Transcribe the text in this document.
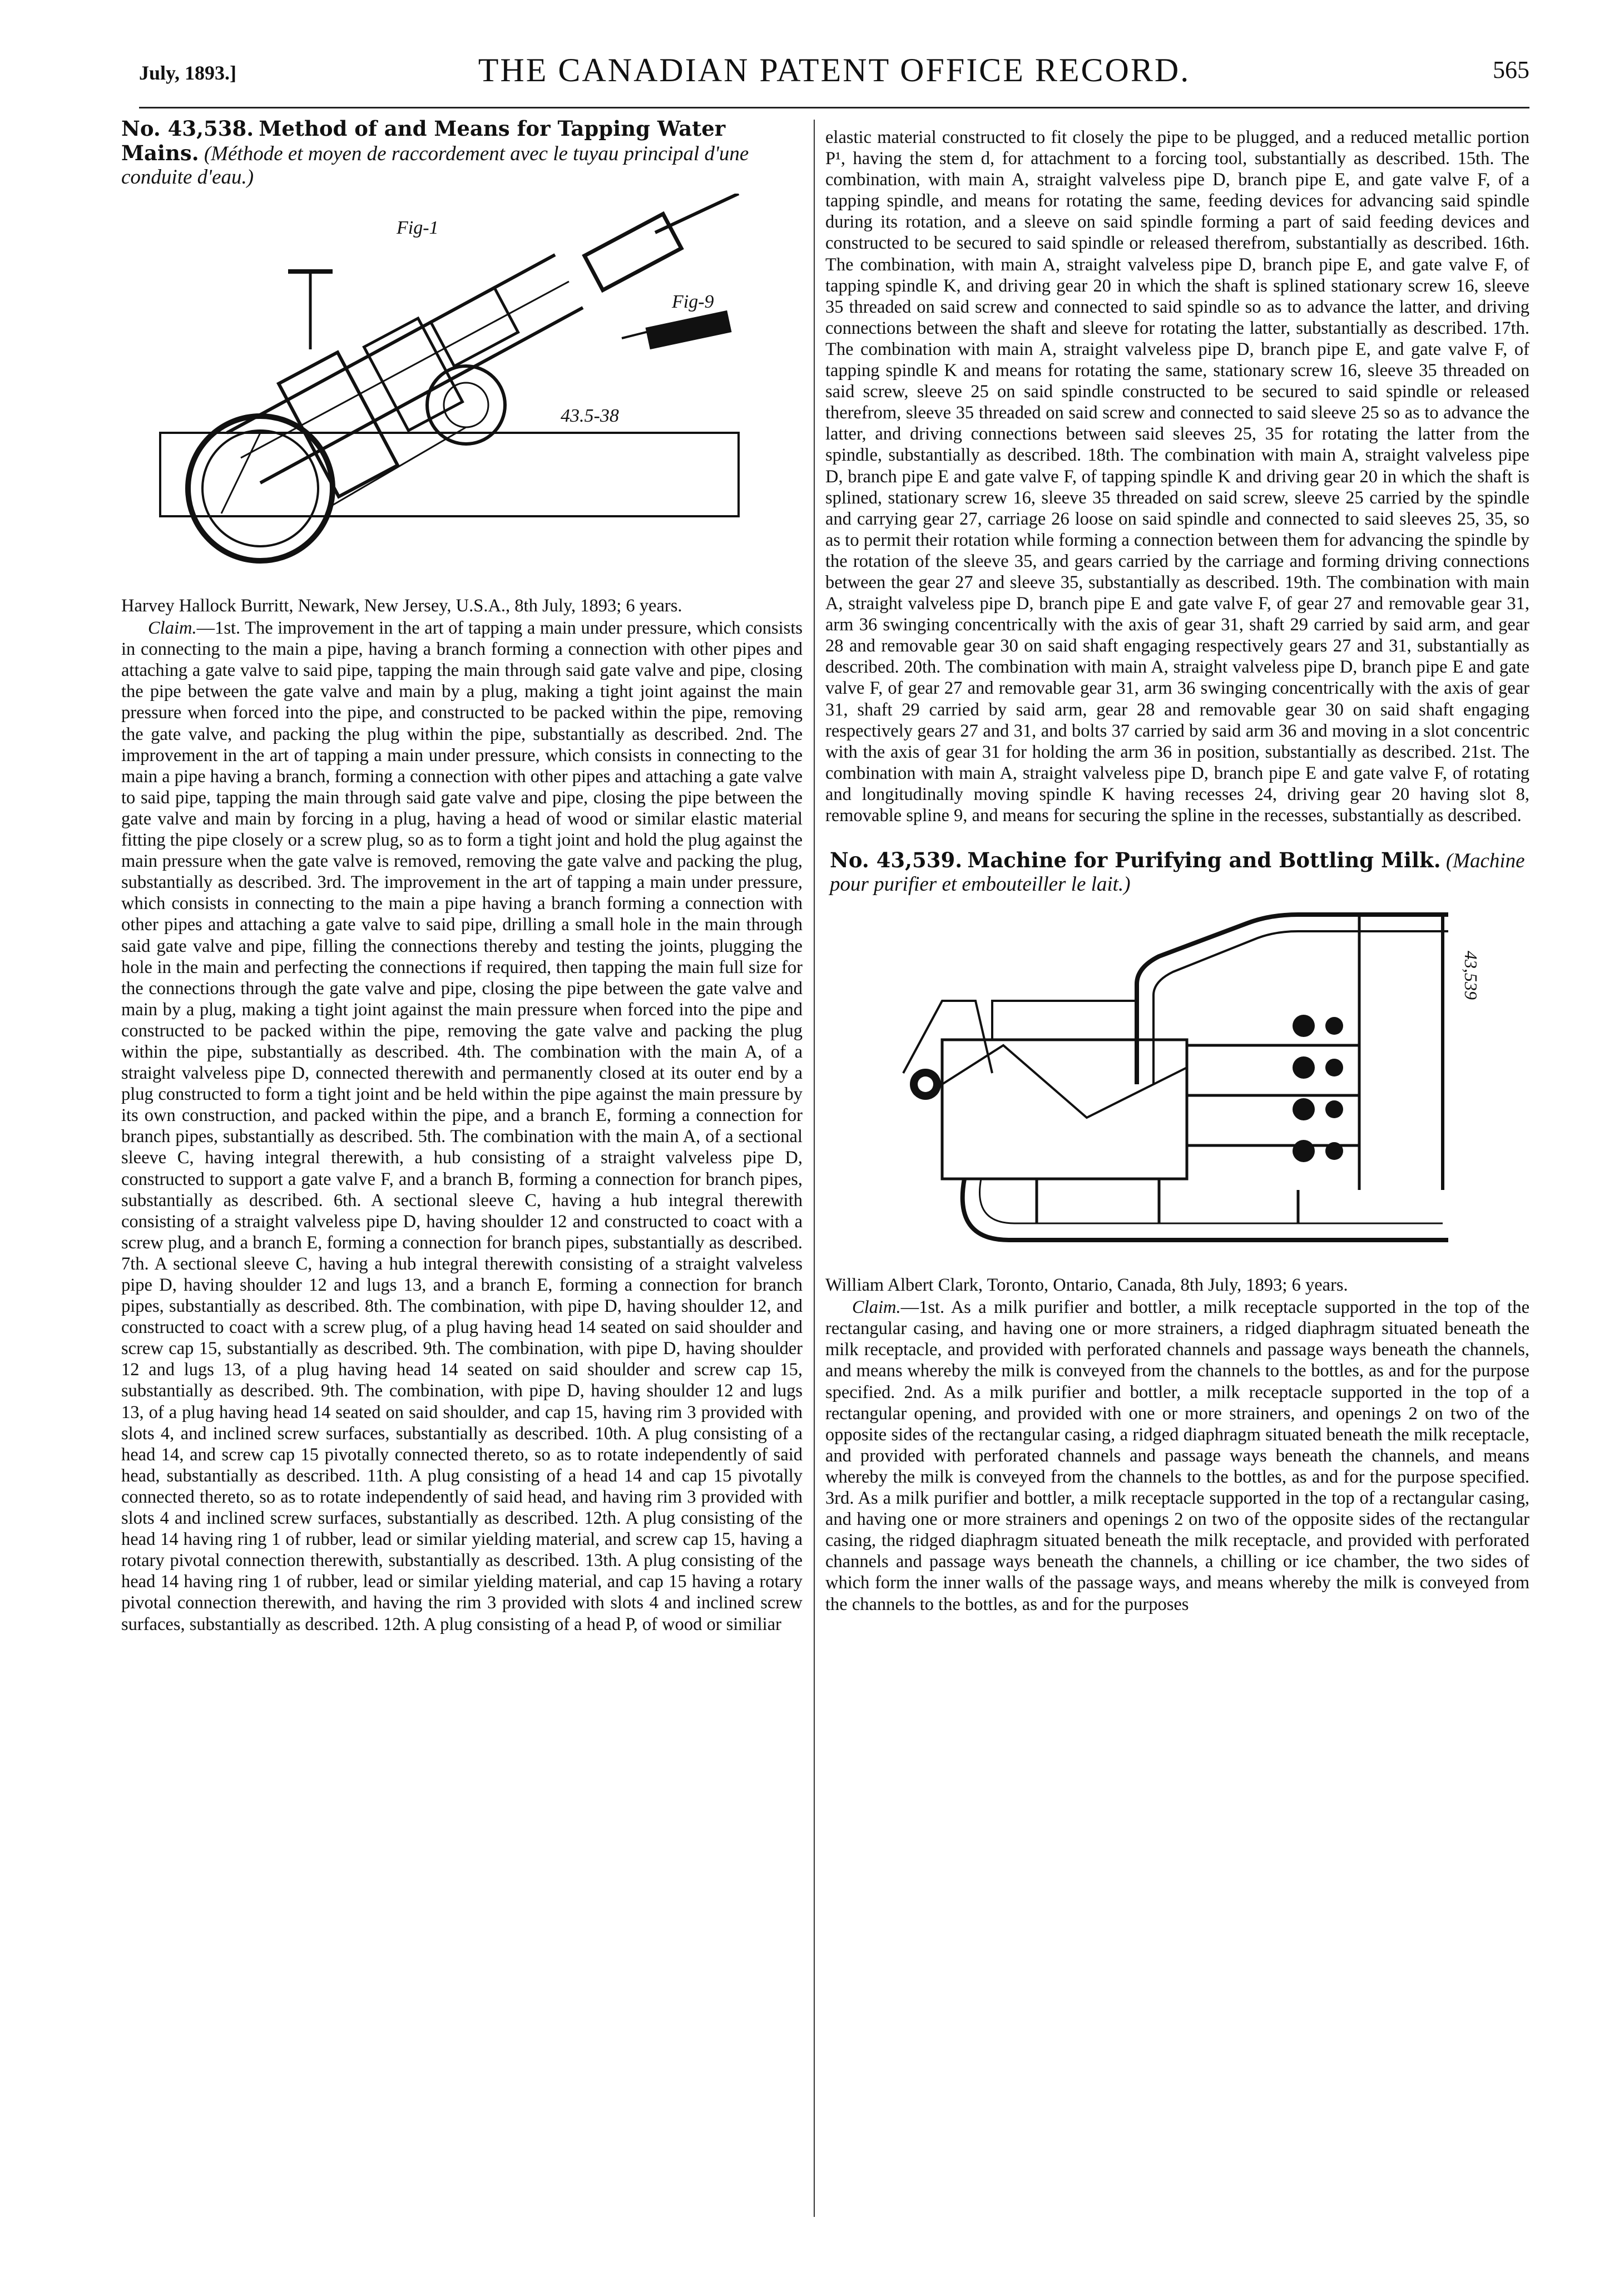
July, 1893.]	THE CANADIAN PATENT OFFICE RECORD.	565
No. 43,538. Method of and Means for Tapping Water Mains. (Méthode et moyen de raccordement avec le tuyau principal d'une conduite d'eau.)
Fig-1
Fig-9
43.5-38

Harvey Hallock Burritt, Newark, New Jersey, U.S.A., 8th July, 1893; 6 years.

Claim.—1st. The improvement in the art of tapping a main under pressure, which consists in connecting to the main a pipe, having a branch forming a connection with other pipes and attaching a gate valve to said pipe, tapping the main through said gate valve and pipe, closing the pipe between the gate valve and main by a plug, making a tight joint against the main pressure when forced into the pipe, and constructed to be packed within the pipe, removing the gate valve, and packing the plug within the pipe, substantially as described. 2nd. The improvement in the art of tapping a main under pressure, which consists in connecting to the main a pipe having a branch, forming a connection with other pipes and attaching a gate valve to said pipe, tapping the main through said gate valve and pipe, closing the pipe between the gate valve and main by forcing in a plug, having a head of wood or similar elastic material fitting the pipe closely or a screw plug, so as to form a tight joint and hold the plug against the main pressure when the gate valve is removed, removing the gate valve and packing the plug, substantially as described. 3rd. The improvement in the art of tapping a main under pressure, which consists in connecting to the main a pipe having a branch forming a connection with other pipes and attaching a gate valve to said pipe, drilling a small hole in the main through said gate valve and pipe, filling the connections thereby and testing the joints, plugging the hole in the main and perfecting the connections if required, then tapping the main full size for the connections through the gate valve and pipe, closing the pipe between the gate valve and main by a plug, making a tight joint against the main pressure when forced into the pipe and constructed to be packed within the pipe, removing the gate valve and packing the plug within the pipe, substantially as described. 4th. The combination with the main A, of a straight valveless pipe D, connected therewith and permanently closed at its outer end by a plug constructed to form a tight joint and be held within the pipe against the main pressure by its own construction, and packed within the pipe, and a branch E, forming a connection for branch pipes, substantially as described. 5th. The combination with the main A, of a sectional sleeve C, having integral therewith, a hub consisting of a straight valveless pipe D, constructed to support a gate valve F, and a branch B, forming a connection for branch pipes, substantially as described. 6th. A sectional sleeve C, having a hub integral therewith consisting of a straight valveless pipe D, having shoulder 12 and constructed to coact with a screw plug, and a branch E, forming a connection for branch pipes, substantially as described. 7th. A sectional sleeve C, having a hub integral therewith consisting of a straight valveless pipe D, having shoulder 12 and lugs 13, and a branch E, forming a connection for branch pipes, substantially as described. 8th. The combination, with pipe D, having shoulder 12, and constructed to coact with a screw plug, of a plug having head 14 seated on said shoulder and screw cap 15, substantially as described. 9th. The combination, with pipe D, having shoulder 12 and lugs 13, of a plug having head 14 seated on said shoulder and screw cap 15, substantially as described. 9th. The combination, with pipe D, having shoulder 12 and lugs 13, of a plug having head 14 seated on said shoulder, and cap 15, having rim 3 provided with slots 4, and inclined screw surfaces, substantially as described. 10th. A plug consisting of a head 14, and screw cap 15 pivotally connected thereto, so as to rotate independently of said head, substantially as described. 11th. A plug consisting of a head 14 and cap 15 pivotally connected thereto, so as to rotate independently of said head, and having rim 3 provided with slots 4 and inclined screw surfaces, substantially as described. 12th. A plug consisting of the head 14 having ring 1 of rubber, lead or similar yielding material, and screw cap 15, having a rotary pivotal connection therewith, substantially as described. 13th. A plug consisting of the head 14 having ring 1 of rubber, lead or similar yielding material, and cap 15 having a rotary pivotal connection therewith, and having the rim 3 provided with slots 4 and inclined screw surfaces, substantially as described. 12th. A plug consisting of a head P, of wood or similiar

elastic material constructed to fit closely the pipe to be plugged, and a reduced metallic portion P¹, having the stem d, for attachment to a forcing tool, substantially as described. 15th. The combination, with main A, straight valveless pipe D, branch pipe E, and gate valve F, of a tapping spindle, and means for rotating the same, feeding devices for advancing said spindle during its rotation, and a sleeve on said spindle forming a part of said feeding devices and constructed to be secured to said spindle or released therefrom, substantially as described. 16th. The combination, with main A, straight valveless pipe D, branch pipe E, and gate valve F, of tapping spindle K, and driving gear 20 in which the shaft is splined stationary screw 16, sleeve 35 threaded on said screw and connected to said spindle so as to advance the latter, and driving connections between the shaft and sleeve for rotating the latter, substantially as described. 17th. The combination with main A, straight valveless pipe D, branch pipe E, and gate valve F, of tapping spindle K and means for rotating the same, stationary screw 16, sleeve 35 threaded on said screw, sleeve 25 on said spindle constructed to be secured to said spindle or released therefrom, sleeve 35 threaded on said screw and connected to said sleeve 25 so as to advance the latter, and driving connections between said sleeves 25, 35 for rotating the latter from the spindle, substantially as described. 18th. The combination with main A, straight valveless pipe D, branch pipe E and gate valve F, of tapping spindle K and driving gear 20 in which the shaft is splined, stationary screw 16, sleeve 35 threaded on said screw, sleeve 25 carried by the spindle and carrying gear 27, carriage 26 loose on said spindle and connected to said sleeves 25, 35, so as to permit their rotation while forming a connection between them for advancing the spindle by the rotation of the sleeve 35, and gears carried by the carriage and forming driving connections between the gear 27 and sleeve 35, substantially as described. 19th. The combination with main A, straight valveless pipe D, branch pipe E and gate valve F, of gear 27 and removable gear 31, arm 36 swinging concentrically with the axis of gear 31, shaft 29 carried by said arm, and gear 28 and removable gear 30 on said shaft engaging respectively gears 27 and 31, substantially as described. 20th. The combination with main A, straight valveless pipe D, branch pipe E and gate valve F, of gear 27 and removable gear 31, arm 36 swinging concentrically with the axis of gear 31, shaft 29 carried by said arm, gear 28 and removable gear 30 on said shaft engaging respectively gears 27 and 31, and bolts 37 carried by said arm 36 and moving in a slot concentric with the axis of gear 31 for holding the arm 36 in position, substantially as described. 21st. The combination with main A, straight valveless pipe D, branch pipe E and gate valve F, of rotating and longitudinally moving spindle K having recesses 24, driving gear 20 having slot 8, removable spline 9, and means for securing the spline in the recesses, substantially as described.

No. 43,539. Machine for Purifying and Bottling Milk. (Machine pour purifier et embouteiller le lait.)
43,539

William Albert Clark, Toronto, Ontario, Canada, 8th July, 1893; 6 years.

Claim.—1st. As a milk purifier and bottler, a milk receptacle supported in the top of the rectangular casing, and having one or more strainers, a ridged diaphragm situated beneath the milk receptacle, and provided with perforated channels and passage ways beneath the channels, and means whereby the milk is conveyed from the channels to the bottles, as and for the purpose specified. 2nd. As a milk purifier and bottler, a milk receptacle supported in the top of a rectangular opening, and provided with one or more strainers, and openings 2 on two of the opposite sides of the rectangular casing, a ridged diaphragm situated beneath the milk receptacle, and provided with perforated channels and passage ways beneath the channels, and means whereby the milk is conveyed from the channels to the bottles, as and for the purpose specified. 3rd. As a milk purifier and bottler, a milk receptacle supported in the top of a rectangular casing, and having one or more strainers and openings 2 on two of the opposite sides of the rectangular casing, the ridged diaphragm situated beneath the milk receptacle, and provided with perforated channels and passage ways beneath the channels, a chilling or ice chamber, the two sides of which form the inner walls of the passage ways, and means whereby the milk is conveyed from the channels to the bottles, as and for the purposes
